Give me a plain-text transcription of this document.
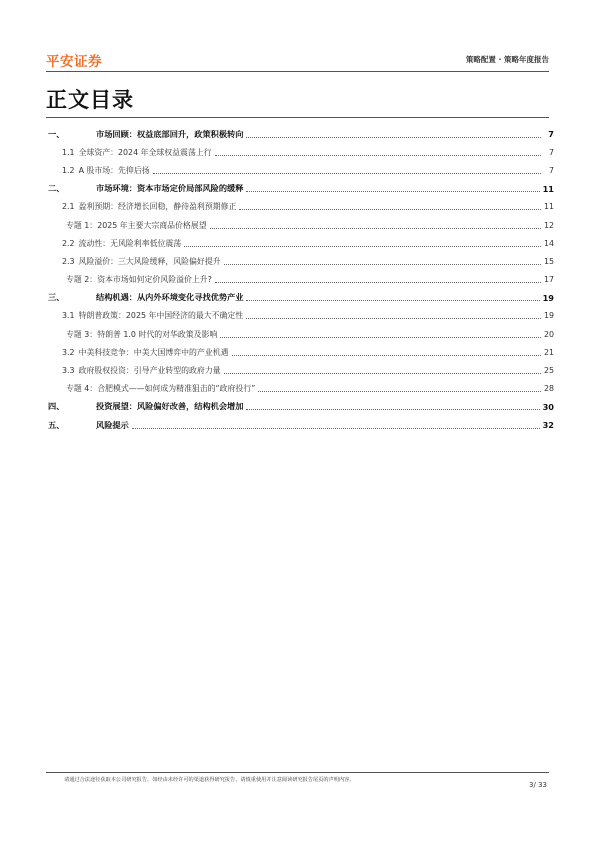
平安证券	策略配置 · 策略年度报告
正文目录
一、	市场回顾：权益底部回升，政策积极转向	7
1.1 全球资产：2024 年全球权益震荡上行	7
1.2 A 股市场：先抑后扬	7
二、	市场环境：资本市场定价局部风险的缓释	11
2.1 盈利预期：经济增长回稳，静待盈利预期修正	11
专题 1：2025 年主要大宗商品价格展望	12
2.2 流动性：无风险利率低位震荡	14
2.3 风险溢价：三大风险缓释，风险偏好提升	15
专题 2：资本市场如何定价风险溢价上升?	17
三、	结构机遇：从内外环境变化寻找优势产业	19
3.1 特朗普政策：2025 年中国经济的最大不确定性	19
专题 3：特朗普 1.0 时代的对华政策及影响	20
3.2 中美科技竞争：中美大国博弈中的产业机遇	21
3.3 政府股权投资：引导产业转型的政府力量	25
专题 4：合肥模式——如何成为精准狙击的“政府投行”	28
四、	投资展望：风险偏好改善，结构机会增加	30
五、	风险提示	32
请通过合法途径获取本公司研究报告，如经由未经许可的渠道获得研究报告，请慎重使用并注意阅读研究报告尾页的声明内容。
3/ 33
